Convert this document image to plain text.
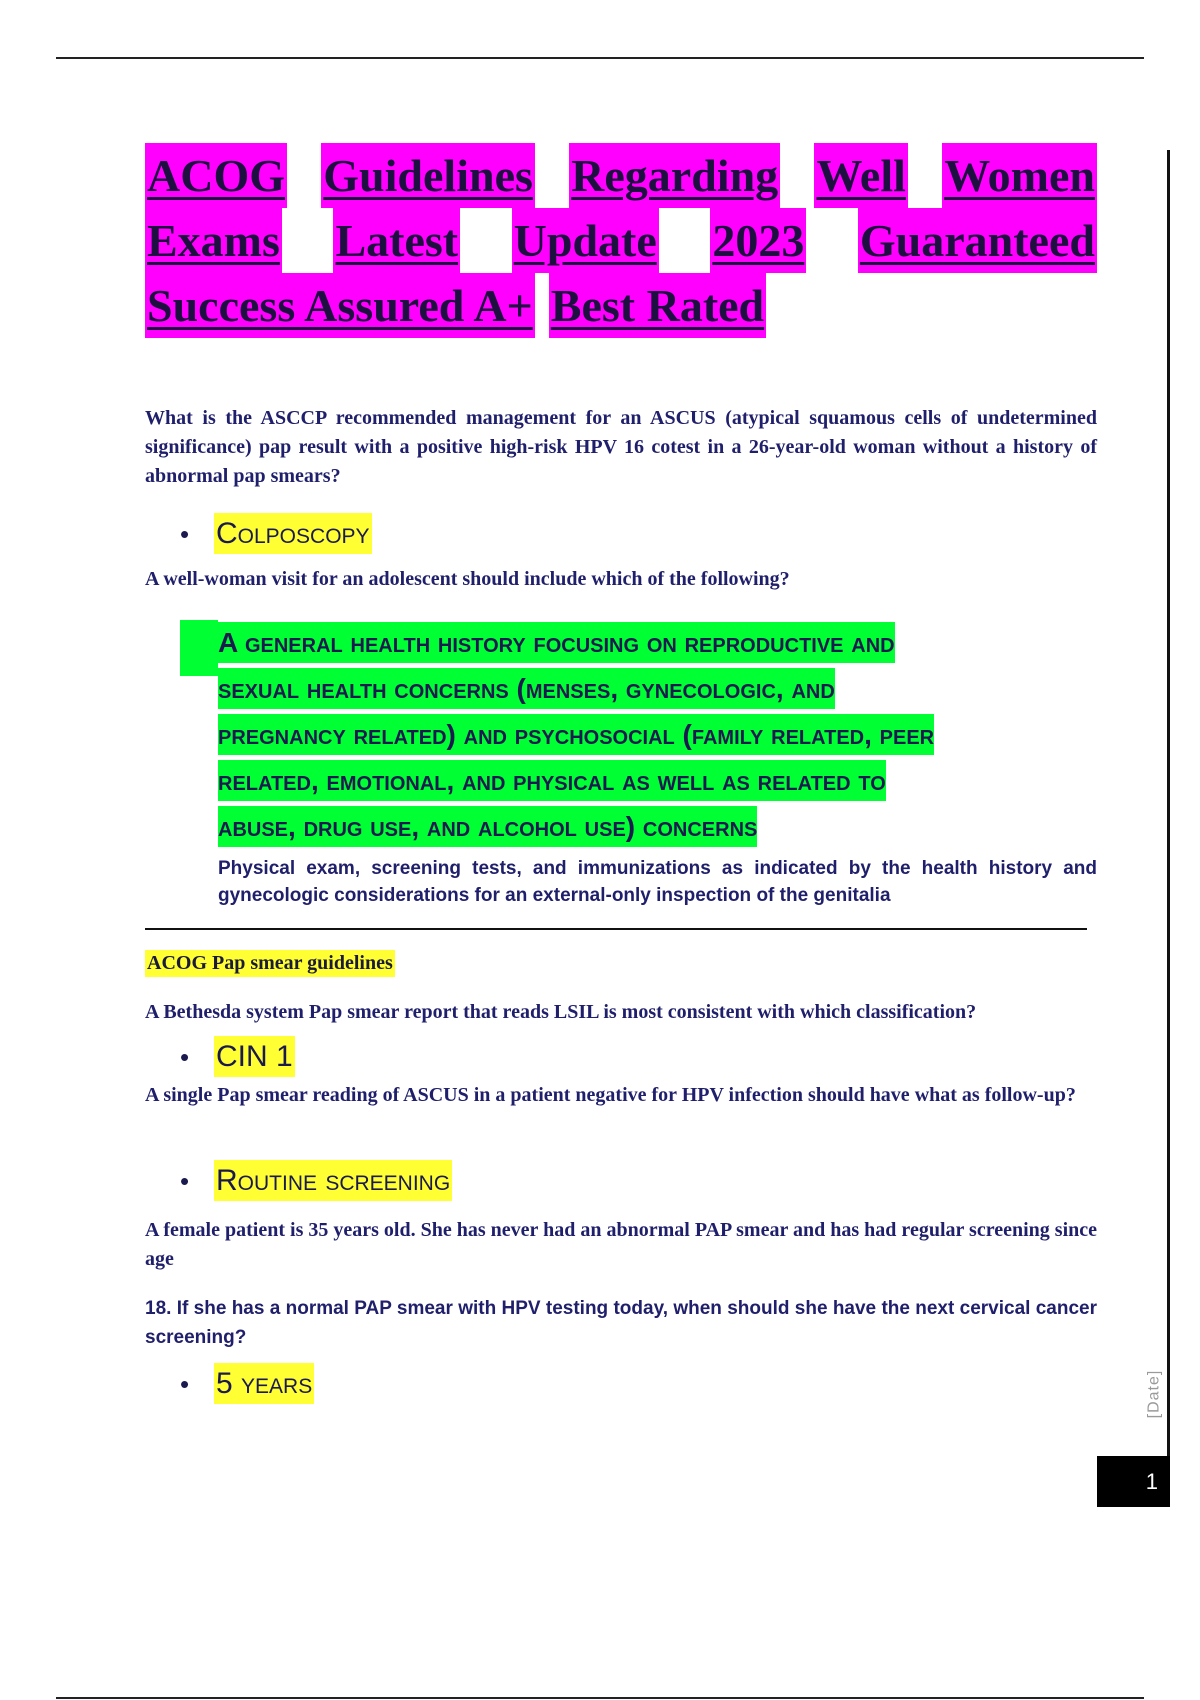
ACOG Guidelines Regarding Well Women
Exams Latest Update 2023 Guaranteed
Success Assured A+ Best Rated
What is the ASCCP recommended management for an ASCUS (atypical squamous cells of undetermined significance) pap result with a positive high-risk HPV 16 cotest in a 26-year-old woman without a history of abnormal pap smears?
• Colposcopy
A well-woman visit for an adolescent should include which of the following?
A general health history focusing on reproductive and
sexual health concerns (menses, gynecologic, and
pregnancy related) and psychosocial (family related, peer
related, emotional, and physical as well as related to
abuse, drug use, and alcohol use) concerns
Physical exam, screening tests, and immunizations as indicated by the health history and gynecologic considerations for an external-only inspection of the genitalia
ACOG Pap smear guidelines
A Bethesda system Pap smear report that reads LSIL is most consistent with which classification?
• CIN 1
A single Pap smear reading of ASCUS in a patient negative for HPV infection should have what as follow-up?
• Routine screening
A female patient is 35 years old. She has never had an abnormal PAP smear and has had regular screening since age
18. If she has a normal PAP smear with HPV testing today, when should she have the next cervical cancer screening?
• 5 years	[Date]
1
